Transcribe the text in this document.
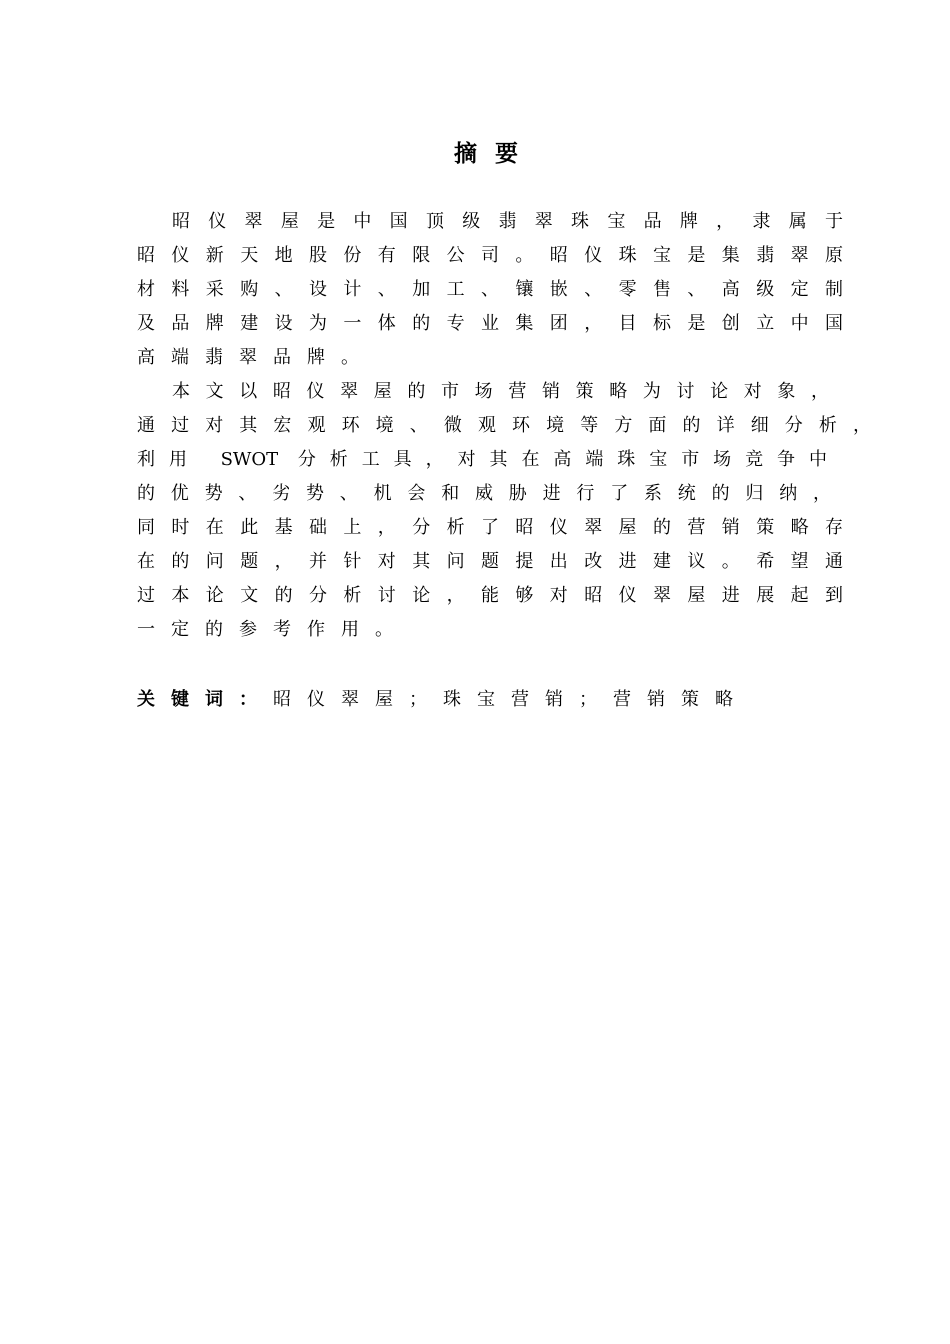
摘要
昭仪翠屋是中国顶级翡翠珠宝品牌，隶属于
昭仪新天地股份有限公司。昭仪珠宝是集翡翠原
材料采购、设计、加工、镶嵌、零售、高级定制
及品牌建设为一体的专业集团，目标是创立中国
高端翡翠品牌。
本文以昭仪翠屋的市场营销策略为讨论对象，
通过对其宏观环境、微观环境等方面的详细分析，
利用 SWOT 分析工具，对其在高端珠宝市场竞争中
的优势、劣势、机会和威胁进行了系统的归纳，
同时在此基础上，分析了昭仪翠屋的营销策略存
在的问题，并针对其问题提出改进建议。希望通
过本论文的分析讨论，能够对昭仪翠屋进展起到
一定的参考作用。
关键词：昭仪翠屋；珠宝营销；营销策略
